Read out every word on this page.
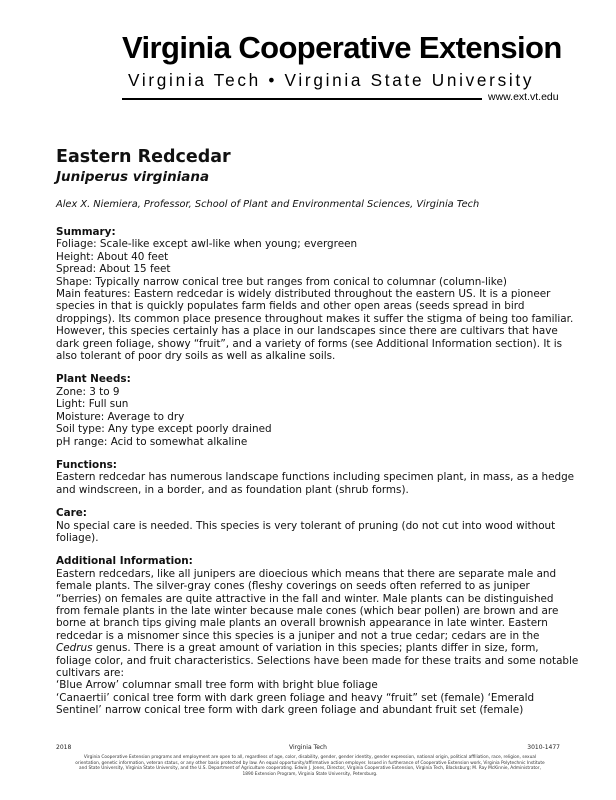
Virginia Cooperative Extension
Virginia Tech • Virginia State University
www.ext.vt.edu
Eastern Redcedar
Juniperus virginiana
Alex X. Niemiera, Professor, School of Plant and Environmental Sciences, Virginia Tech
Summary:
Foliage: Scale-like except awl-like when young; evergreen
Height: About 40 feet
Spread: About 15 feet
Shape: Typically narrow conical tree but ranges from conical to columnar (column-like)
Main features: Eastern redcedar is widely distributed throughout the eastern US. It is a pioneer
species in that is quickly populates farm fields and other open areas (seeds spread in bird
droppings). Its common place presence throughout makes it suffer the stigma of being too familiar.
However, this species certainly has a place in our landscapes since there are cultivars that have
dark green foliage, showy “fruit”, and a variety of forms (see Additional Information section). It is
also tolerant of poor dry soils as well as alkaline soils.
Plant Needs:
Zone: 3 to 9
Light: Full sun
Moisture: Average to dry
Soil type: Any type except poorly drained
pH range: Acid to somewhat alkaline
Functions:
Eastern redcedar has numerous landscape functions including specimen plant, in mass, as a hedge
and windscreen, in a border, and as foundation plant (shrub forms).
Care:
No special care is needed. This species is very tolerant of pruning (do not cut into wood without
foliage).
Additional Information:
Eastern redcedars, like all junipers are dioecious which means that there are separate male and
female plants. The silver-gray cones (fleshy coverings on seeds often referred to as juniper
“berries) on females are quite attractive in the fall and winter. Male plants can be distinguished
from female plants in the late winter because male cones (which bear pollen) are brown and are
borne at branch tips giving male plants an overall brownish appearance in late winter. Eastern
redcedar is a misnomer since this species is a juniper and not a true cedar; cedars are in the
Cedrus genus. There is a great amount of variation in this species; plants differ in size, form,
foliage color, and fruit characteristics. Selections have been made for these traits and some notable
cultivars are:
‘Blue Arrow’ columnar small tree form with bright blue foliage
‘Canaertii’ conical tree form with dark green foliage and heavy “fruit” set (female) ‘Emerald
Sentinel’ narrow conical tree form with dark green foliage and abundant fruit set (female)
2018	Virginia Tech	3010-1477
Virginia Cooperative Extension programs and employment are open to all, regardless of age, color, disability, gender, gender identity, gender expression, national origin, political affiliation, race, religion, sexual
orientation, genetic information, veteran status, or any other basis protected by law. An equal opportunity/affirmative action employer. Issued in furtherance of Cooperative Extension work, Virginia Polytechnic Institute
and State University, Virginia State University, and the U.S. Department of Agriculture cooperating. Edwin J. Jones, Director, Virginia Cooperative Extension, Virginia Tech, Blacksburg; M. Ray McKinnie, Administrator,
1890 Extension Program, Virginia State University, Petersburg.
